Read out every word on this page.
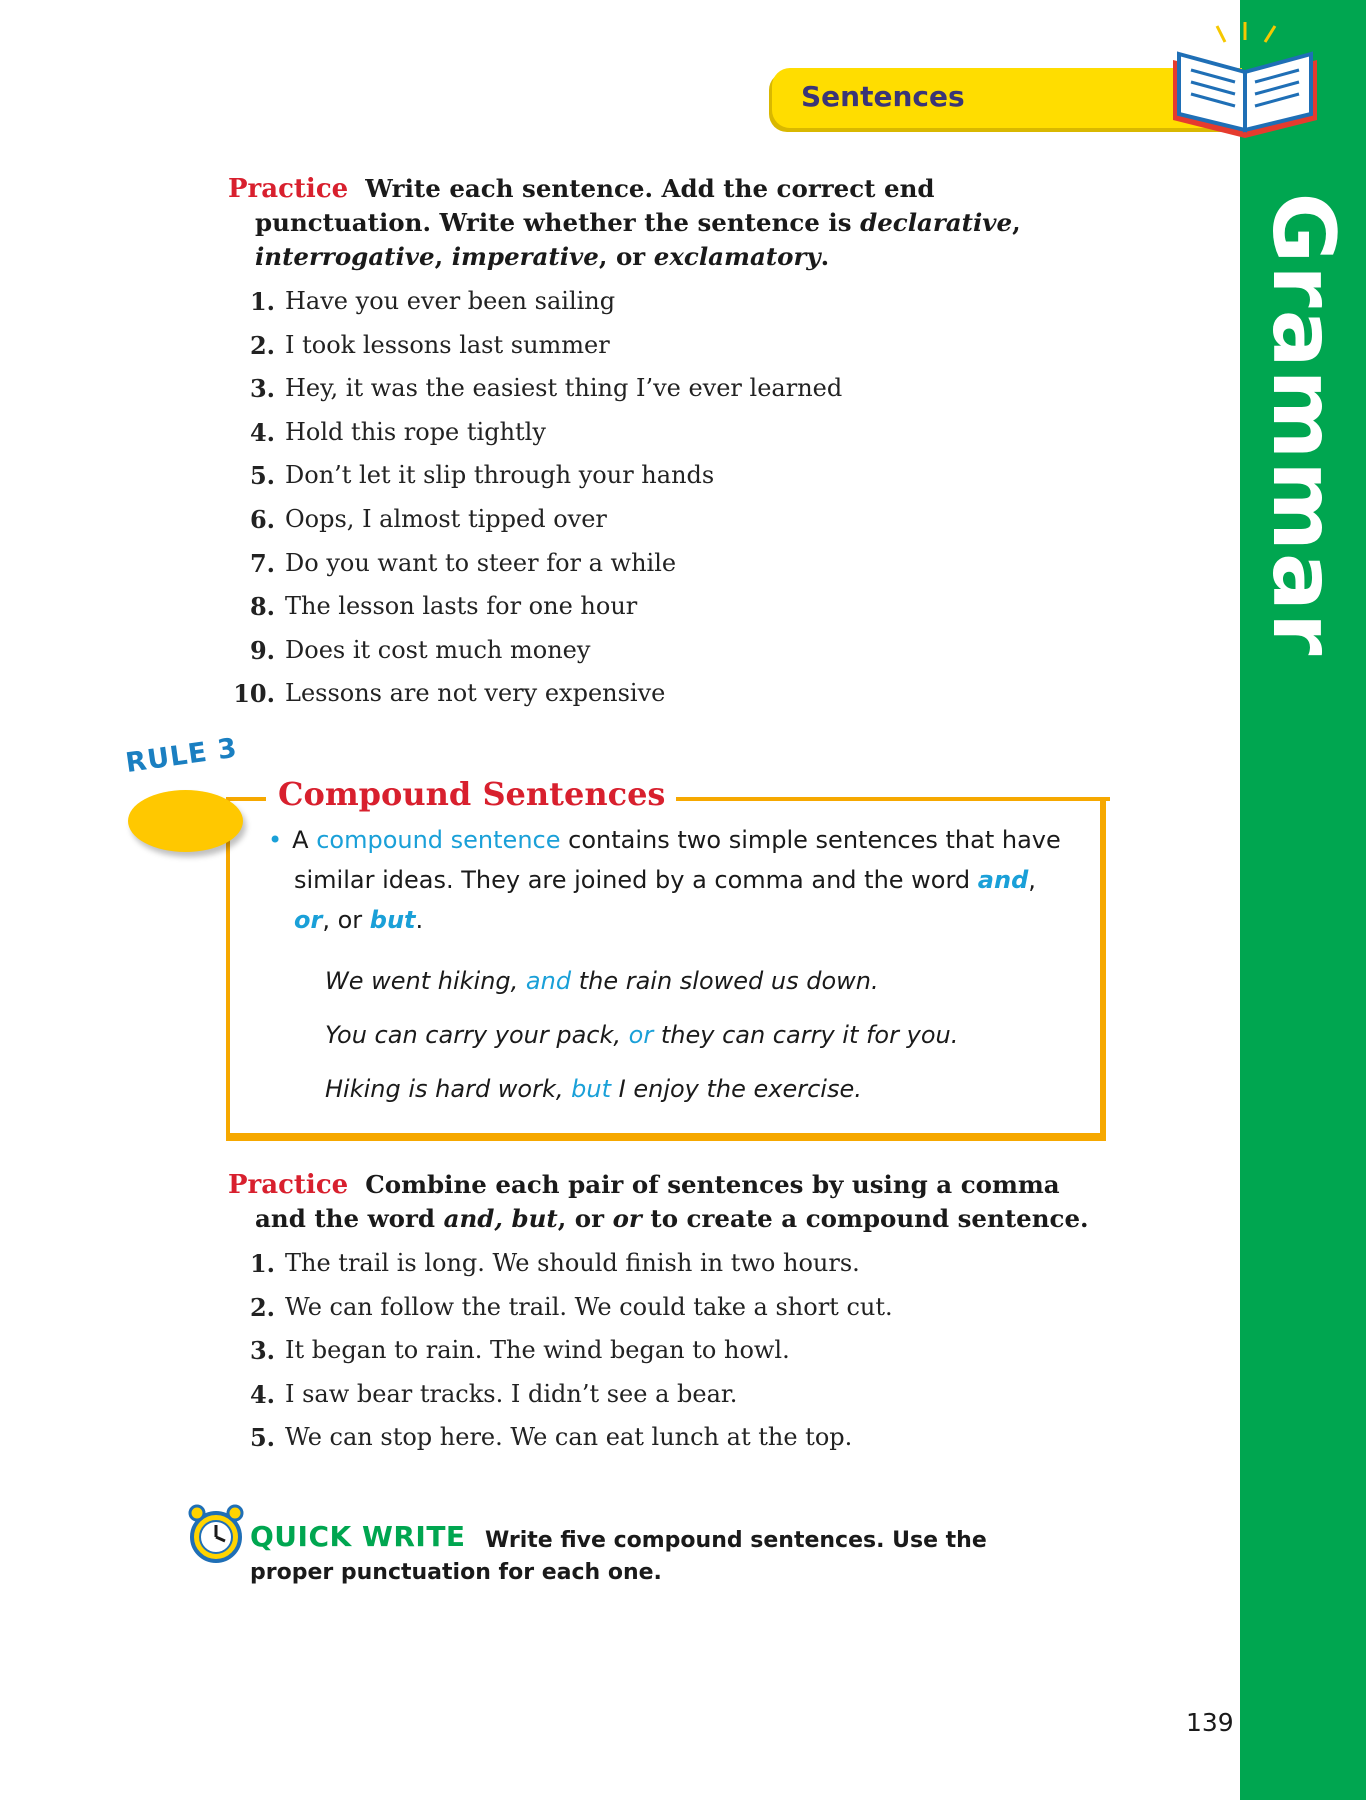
Grammar
Sentences

Practice Write each sentence. Add the correct end punctuation. Write whether the sentence is declarative, interrogative, imperative, or exclamatory.

1. Have you ever been sailing
2. I took lessons last summer
3. Hey, it was the easiest thing I’ve ever learned
4. Hold this rope tightly
5. Don’t let it slip through your hands
6. Oops, I almost tipped over
7. Do you want to steer for a while
8. The lesson lasts for one hour
9. Does it cost much money
10. Lessons are not very expensive
RULE 3
Compound Sentences

• A compound sentence contains two simple sentences that have similar ideas. They are joined by a comma and the word and,
or, or but.

We went hiking, and the rain slowed us down.

You can carry your pack, or they can carry it for you.

Hiking is hard work, but I enjoy the exercise.

Practice Combine each pair of sentences by using a comma and the word and, but, or or to create a compound sentence.

1. The trail is long. We should finish in two hours.
2. We can follow the trail. We could take a short cut.
3. It began to rain. The wind began to howl.
4. I saw bear tracks. I didn’t see a bear.
5. We can stop here. We can eat lunch at the top.
QUICK WRITE Write five compound sentences. Use the proper punctuation for each one.
139
